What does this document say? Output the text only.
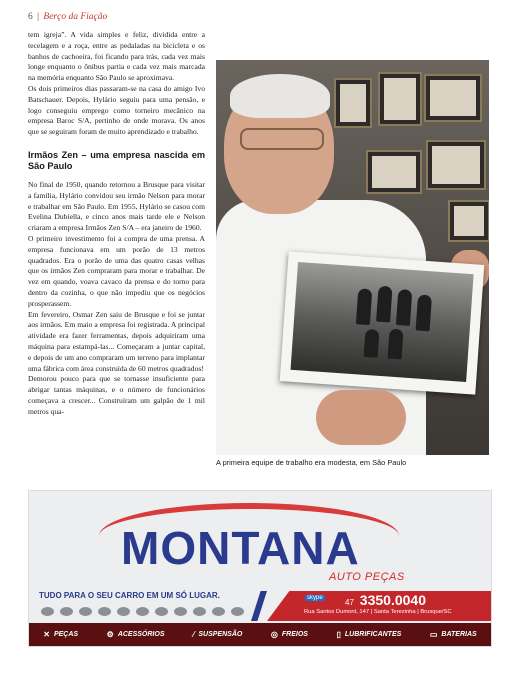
6 | Berço da Fiação

tem igreja”. A vida simples e feliz, dividida entre a tecelagem e a roça, entre as pedaladas na bicicleta e os banhos de cachoeira, foi ficando para trás, cada vez mais longe enquanto o ônibus partia e cada vez mais marcada na memória enquanto São Paulo se aproximava.

Os dois primeiros dias passaram-se na casa do amigo Ivo Batschauer. Depois, Hylário seguiu para uma pensão, e logo conseguiu emprego como torneiro mecânico na empresa Baroc S/A, pertinho de onde morava. Os anos que se seguiram foram de muito aprendizado e trabalho.

Irmãos Zen – uma empresa nascida em São Paulo

No final de 1950, quando retornou a Brusque para visitar a família, Hylário convidou seu irmão Nelson para morar e trabalhar em São Paulo. Em 1955, Hylário se casou com Evelina Dubiella, e cinco anos mais tarde ele e Nelson criaram a empresa Irmãos Zen S/A – era janeiro de 1960.

O primeiro investimento foi a compra de uma prensa. A empresa funcionava em um porão de 13 metros quadrados. Era o porão de uma das quatro casas velhas que os irmãos Zen compraram para morar e trabalhar. De vez em quando, voava cavaco da prensa e do torno para dentro da cozinha, o que não impediu que os negócios prosperassem.

Em fevereiro, Osmar Zen saiu de Brusque e foi se juntar aos irmãos. Em maio a empresa foi registrada. A principal atividade era fazer ferramentas, depois adquiriram uma máquina para estampá-las... Começaram a juntar capital, e depois de um ano compraram um terreno para implantar uma fábrica com área construída de 60 metros quadrados!

Demorou pouco para que se tornasse insuficiente para abrigar tantas máquinas, e o número de funcionários começava a crescer... Construíram um galpão de 1 mil metros qua-

A primeira equipe de trabalho era modesta, em São Paulo
MONTANA
AUTO PEÇAS
TUDO PARA O SEU CARRO EM UM SÓ LUGAR.	skype	47 3350.0040
Rua Santos Dumont, 147 | Santa Terezinha | Brusque/SC
✕ PEÇAS	⚙ ACESSÓRIOS	⁄ SUSPENSÃO	◎ FREIOS	▯ LUBRIFICANTES	▭ BATERIAS
